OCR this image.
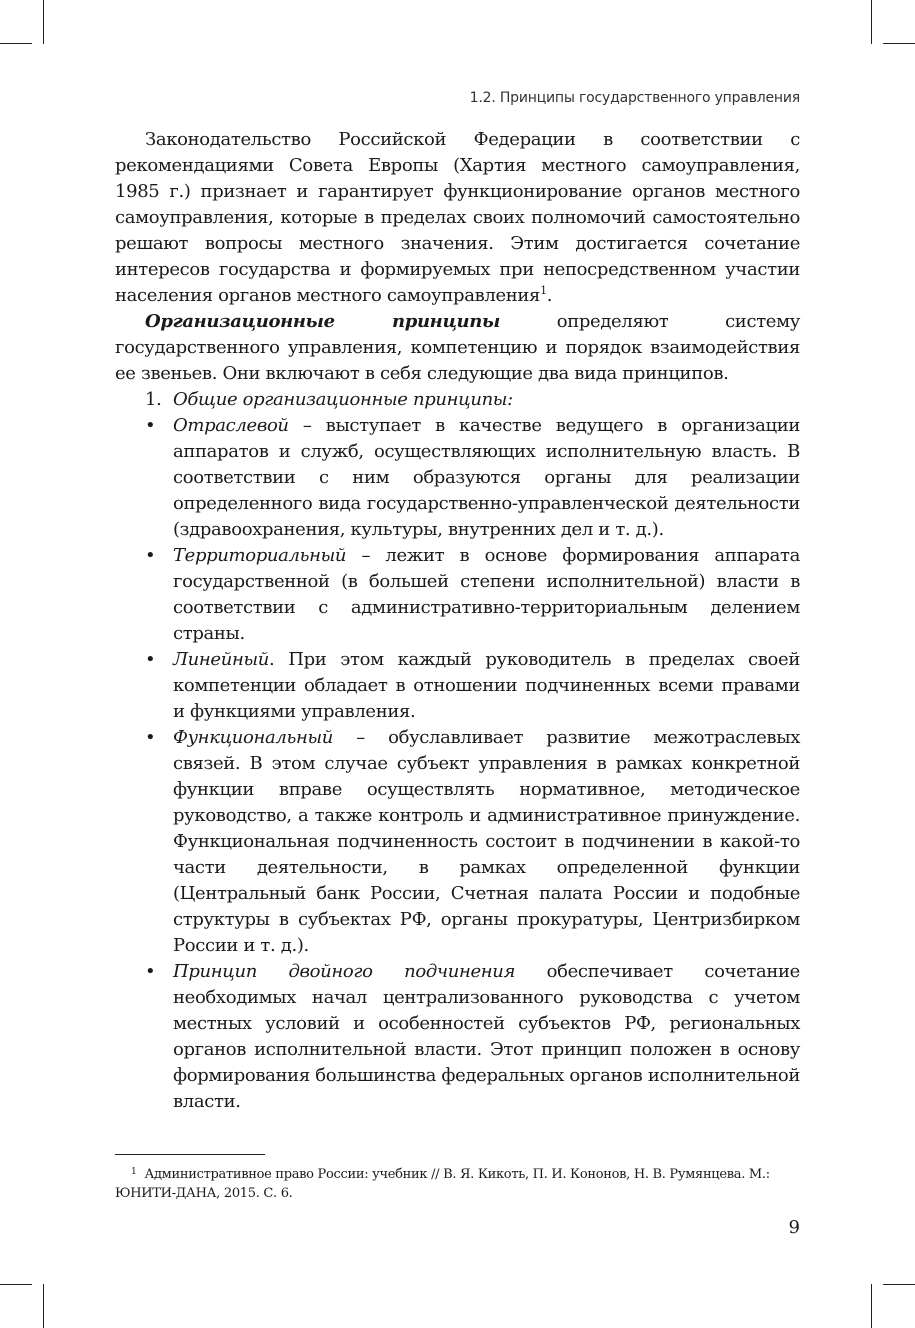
1.2. Принципы государственного управления

Законодательство Российской Федерации в соответствии с рекомендациями Совета Европы (Хартия местного самоуправления, 1985 г.) признает и гарантирует функционирование органов местного самоуправления, которые в пределах своих полномочий самостоятельно решают вопросы местного значения. Этим достигается сочетание интересов государства и формируемых при непосредственном участии населения органов местного самоуправления$^1$.

Организационные принципы определяют систему государственного управления, компетенцию и порядок взаимодействия ее звеньев. Они включают в себя следующие два вида принципов.

1. Общие организационные принципы:
• Отраслевой – выступает в качестве ведущего в организации аппаратов и служб, осуществляющих исполнительную власть. В соответствии с ним образуются органы для реализации определенного вида государственно-управленческой деятельности (здравоохранения, культуры, внутренних дел и т. д.).
• Территориальный – лежит в основе формирования аппарата государственной (в большей степени исполнительной) власти в соответствии с административно-территориальным делением страны.
• Линейный. При этом каждый руководитель в пределах своей компетенции обладает в отношении подчиненных всеми правами и функциями управления.
• Функциональный – обуславливает развитие межотраслевых связей. В этом случае субъект управления в рамках конкретной функции вправе осуществлять нормативное, методическое руководство, а также контроль и административное принуждение. Функциональная подчиненность состоит в подчинении в какой-то части деятельности, в рамках определенной функции (Центральный банк России, Счетная палата России и подобные структуры в субъектах РФ, органы прокуратуры, Центризбирком России и т. д.).
• Принцип двойного подчинения обеспечивает сочетание необходимых начал централизованного руководства с учетом местных условий и особенностей субъектов РФ, региональных органов исполнительной власти. Этот принцип положен в основу формирования большинства федеральных органов исполнительной власти.
$^1$ Административное право России: учебник // В. Я. Кикоть, П. И. Кононов, Н. В. Румянцева. М.: ЮНИТИ-ДАНА, 2015. С. 6.
9
